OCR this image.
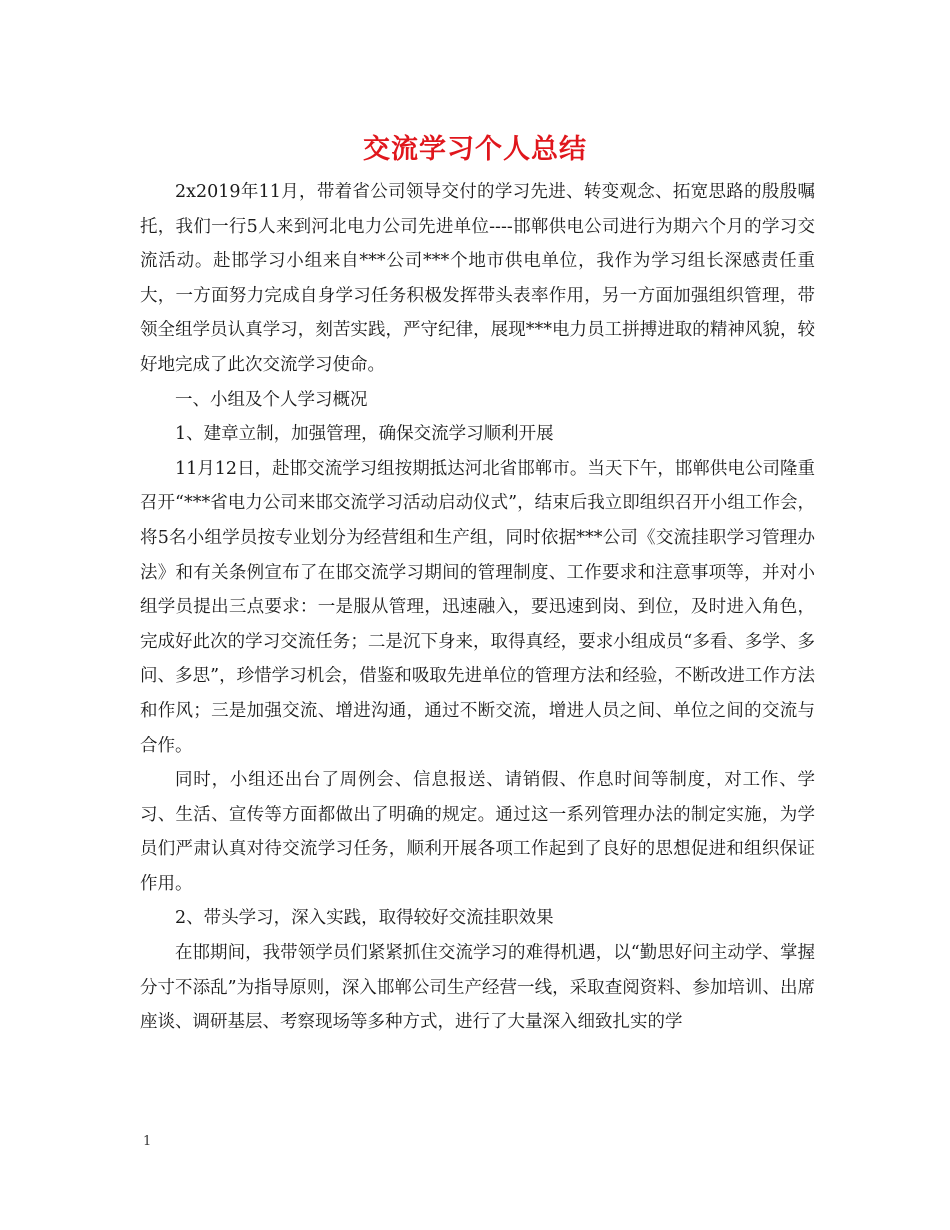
交流学习个人总结

2x2019年11月，带着省公司领导交付的学习先进、转变观念、拓宽思路的殷殷嘱托，我们一行5人来到河北电力公司先进单位----邯郸供电公司进行为期六个月的学习交流活动。赴邯学习小组来自***公司***个地市供电单位，我作为学习组长深感责任重大，一方面努力完成自身学习任务积极发挥带头表率作用，另一方面加强组织管理，带领全组学员认真学习，刻苦实践，严守纪律，展现***电力员工拼搏进取的精神风貌，较好地完成了此次交流学习使命。

一、小组及个人学习概况

1、建章立制，加强管理，确保交流学习顺利开展

11月12日，赴邯交流学习组按期抵达河北省邯郸市。当天下午，邯郸供电公司隆重召开“***省电力公司来邯交流学习活动启动仪式”，结束后我立即组织召开小组工作会，将5名小组学员按专业划分为经营组和生产组，同时依据***公司《交流挂职学习管理办法》和有关条例宣布了在邯交流学习期间的管理制度、工作要求和注意事项等，并对小组学员提出三点要求：一是服从管理，迅速融入，要迅速到岗、到位，及时进入角色，完成好此次的学习交流任务；二是沉下身来，取得真经，要求小组成员“多看、多学、多问、多思”，珍惜学习机会，借鉴和吸取先进单位的管理方法和经验，不断改进工作方法和作风；三是加强交流、增进沟通，通过不断交流，增进人员之间、单位之间的交流与合作。

同时，小组还出台了周例会、信息报送、请销假、作息时间等制度，对工作、学习、生活、宣传等方面都做出了明确的规定。通过这一系列管理办法的制定实施，为学员们严肃认真对待交流学习任务，顺利开展各项工作起到了良好的思想促进和组织保证作用。

2、带头学习，深入实践，取得较好交流挂职效果

在邯期间，我带领学员们紧紧抓住交流学习的难得机遇，以“勤思好问主动学、掌握分寸不添乱”为指导原则，深入邯郸公司生产经营一线，采取查阅资料、参加培训、出席座谈、调研基层、考察现场等多种方式，进行了大量深入细致扎实的学

1
